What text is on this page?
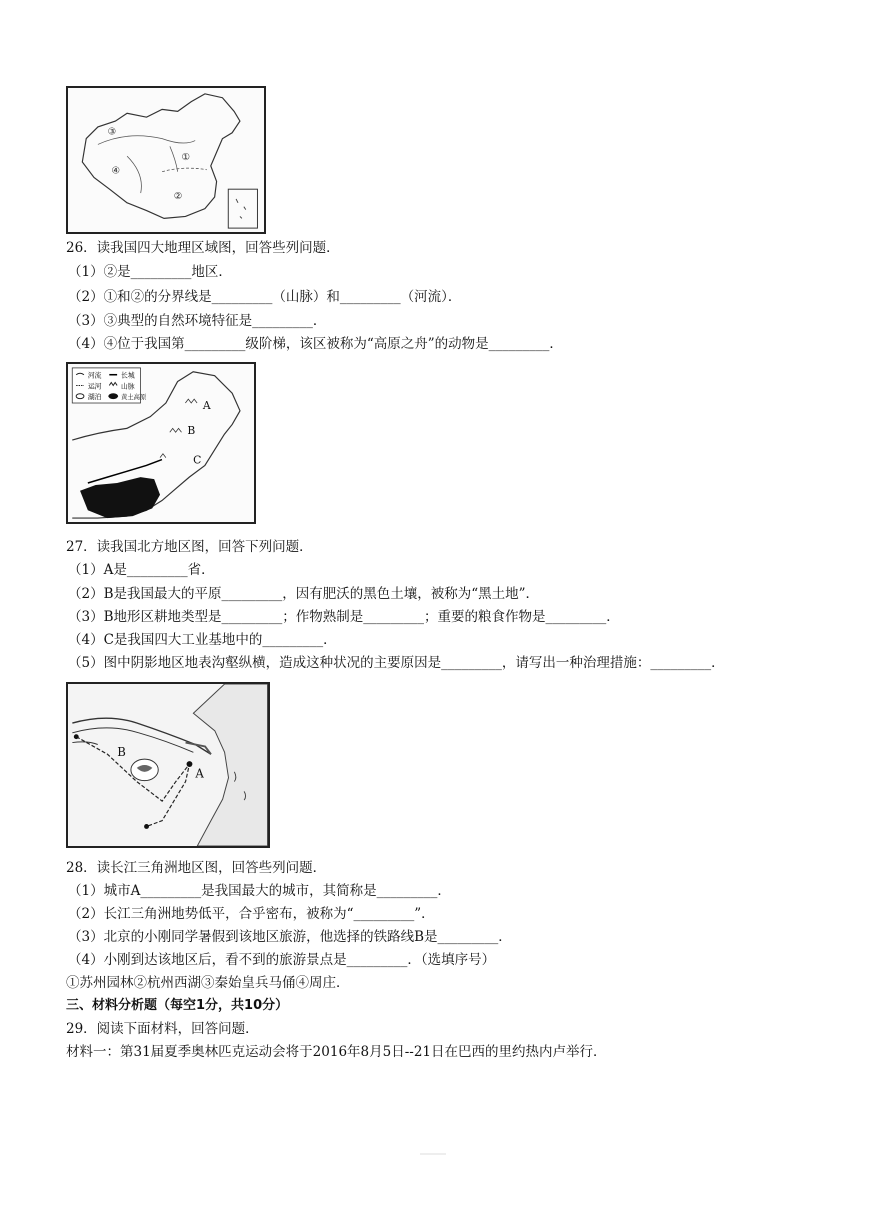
③
①
④
②
26．读我国四大地理区域图，回答些列问题．
（1）②是_________地区．
（2）①和②的分界线是_________（山脉）和_________（河流）．
（3）③典型的自然环境特征是_________．
（4）④位于我国第_________级阶梯，该区被称为“高原之舟”的动物是_________．
河流	长城
运河	山脉
湖泊	黄土高原
A
B
C
27．读我国北方地区图，回答下列问题．
（1）A是_________省．
（2）B是我国最大的平原_________，因有肥沃的黑色土壤，被称为“黑土地”．
（3）B地形区耕地类型是_________；作物熟制是_________；重要的粮食作物是_________．
（4）C是我国四大工业基地中的_________．
（5）图中阴影地区地表沟壑纵横，造成这种状况的主要原因是_________，请写出一种治理措施：_________．
B
A
28．读长江三角洲地区图，回答些列问题．
（1）城市A_________是我国最大的城市，其简称是_________．
（2）长江三角洲地势低平，合乎密布，被称为“_________”．
（3）北京的小刚同学暑假到该地区旅游，他选择的铁路线B是_________．
（4）小刚到达该地区后，看不到的旅游景点是_________．（选填序号）
①苏州园林②杭州西湖③秦始皇兵马俑④周庄．
三、材料分析题（每空1分，共10分）
29．阅读下面材料，回答问题．
材料一：第31届夏季奥林匹克运动会将于2016年8月5日--21日在巴西的里约热内卢举行．
